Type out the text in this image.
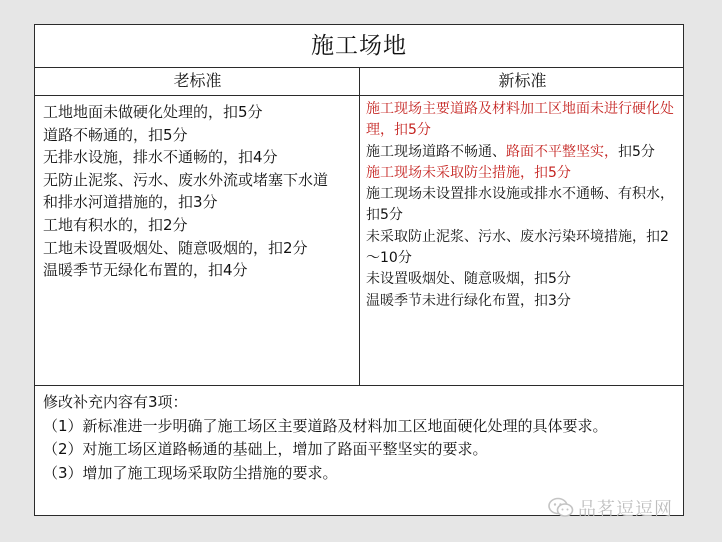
施工场地
老标准	新标准

工地地面未做硬化处理的，扣5分

道路不畅通的，扣5分

无排水设施，排水不通畅的，扣4分

无防止泥浆、污水、废水外流或堵塞下水道和排水河道措施的，扣3分

工地有积水的，扣2分

工地未设置吸烟处、随意吸烟的，扣2分

温暖季节无绿化布置的，扣4分

施工现场主要道路及材料加工区地面未进行硬化处理，扣5分

施工现场道路不畅通、路面不平整坚实，扣5分

施工现场未采取防尘措施，扣5分

施工现场未设置排水设施或排水不通畅、有积水，扣5分

未采取防止泥浆、污水、废水污染环境措施，扣2～10分

未设置吸烟处、随意吸烟，扣5分

温暖季节未进行绿化布置，扣3分

修改补充内容有3项：

（1）新标准进一步明确了施工场区主要道路及材料加工区地面硬化处理的具体要求。

（2）对施工场区道路畅通的基础上，增加了路面平整坚实的要求。

（3）增加了施工现场采取防尘措施的要求。

品茗逗逗网
